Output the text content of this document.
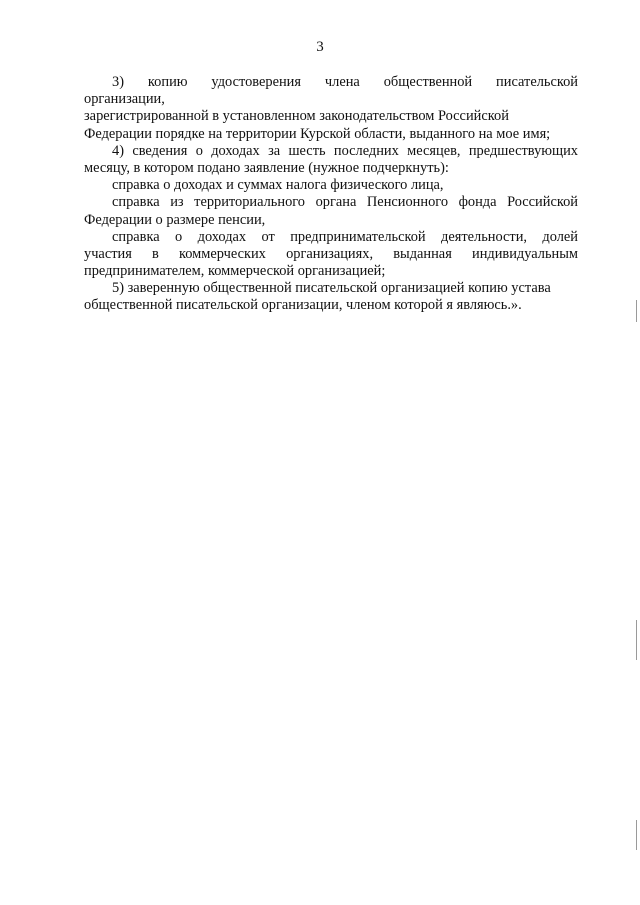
3
3) копию удостоверения члена общественной писательской
организации,
зарегистрированной в установленном законодательством Российской
Федерации порядке на территории Курской области, выданного на мое имя;
4) сведения о доходах за шесть последних месяцев, предшествующих
месяцу, в котором подано заявление (нужное подчеркнуть):
справка о доходах и суммах налога физического лица,
справка из территориального органа Пенсионного фонда Российской
Федерации о размере пенсии,
справка о доходах от предпринимательской деятельности, долей
участия в коммерческих организациях, выданная индивидуальным
предпринимателем, коммерческой организацией;
5) заверенную общественной писательской организацией копию устава
общественной писательской организации, членом которой я являюсь.».
